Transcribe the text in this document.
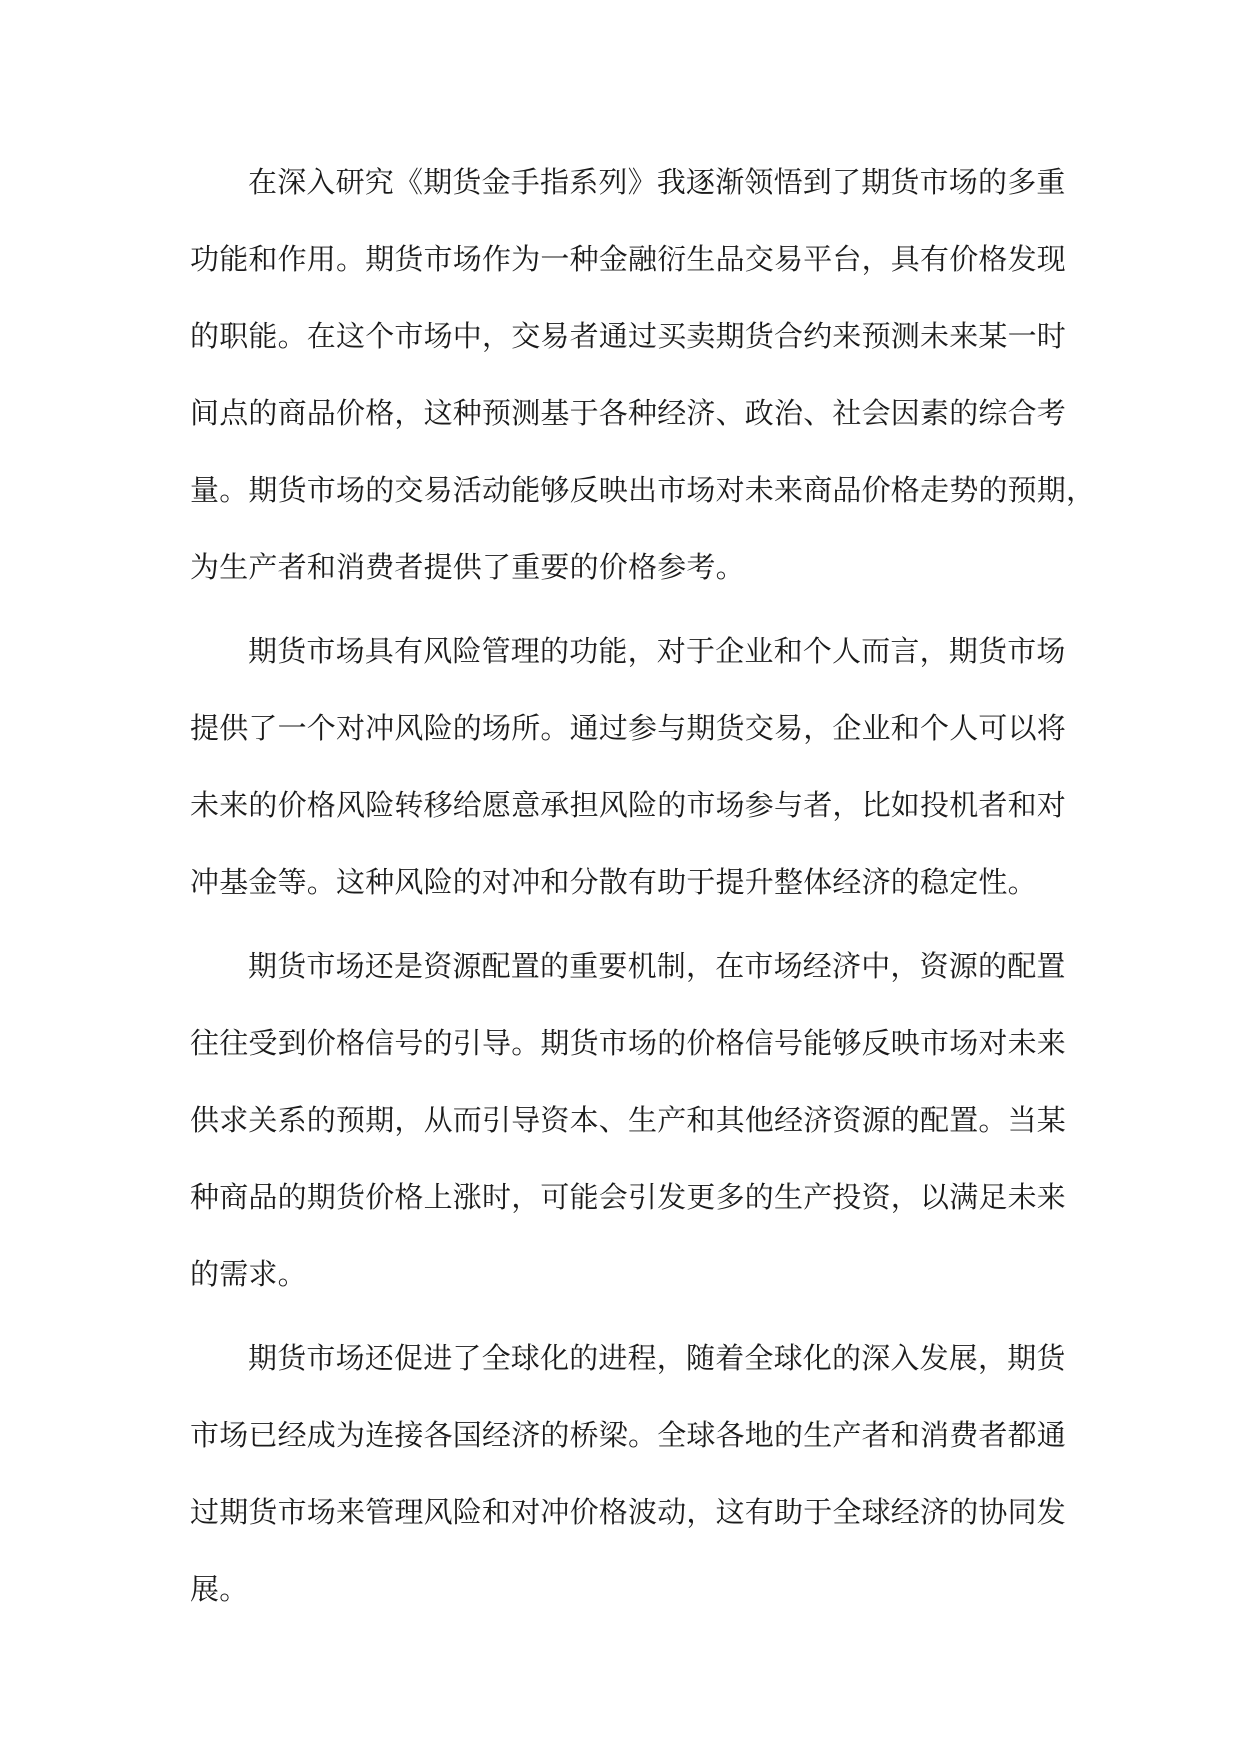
在深入研究《期货金手指系列》我逐渐领悟到了期货市场的多重
功能和作用。期货市场作为一种金融衍生品交易平台，具有价格发现
的职能。在这个市场中，交易者通过买卖期货合约来预测未来某一时
间点的商品价格，这种预测基于各种经济、政治、社会因素的综合考
量。期货市场的交易活动能够反映出市场对未来商品价格走势的预期，
为生产者和消费者提供了重要的价格参考。

期货市场具有风险管理的功能，对于企业和个人而言，期货市场
提供了一个对冲风险的场所。通过参与期货交易，企业和个人可以将
未来的价格风险转移给愿意承担风险的市场参与者，比如投机者和对
冲基金等。这种风险的对冲和分散有助于提升整体经济的稳定性。

期货市场还是资源配置的重要机制，在市场经济中，资源的配置
往往受到价格信号的引导。期货市场的价格信号能够反映市场对未来
供求关系的预期，从而引导资本、生产和其他经济资源的配置。当某
种商品的期货价格上涨时，可能会引发更多的生产投资，以满足未来
的需求。

期货市场还促进了全球化的进程，随着全球化的深入发展，期货
市场已经成为连接各国经济的桥梁。全球各地的生产者和消费者都通
过期货市场来管理风险和对冲价格波动，这有助于全球经济的协同发
展。
